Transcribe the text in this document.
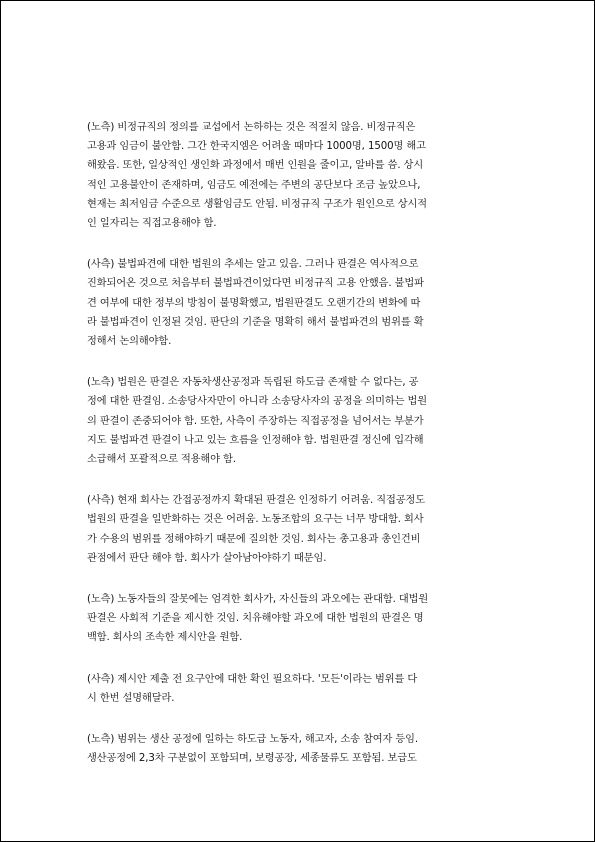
(노측) 비정규직의 정의를 교섭에서 논하하는 것은 적절치 않음. 비정규직은
고용과 임금이 불안함. 그간 한국지엠은 어려울 때마다 1000명, 1500명 해고
해왔음. 또한, 일상적인 생인화 과정에서 매번 인원을 줄이고, 알바를 씀. 상시
적인 고용불안이 존재하며, 임금도 예전에는 주변의 공단보다 조금 높았으나,
현재는 최저임금 수준으로 생활임금도 안됨. 비정규직 구조가 원인으로 상시적
인 일자리는 직접고용해야 함.

(사측) 불법파견에 대한 법원의 추세는 알고 있음. 그러나 판결은 역사적으로
진화되어온 것으로 처음부터 불법파견이었다면 비정규직 고용 안했음. 불법파
견 여부에 대한 정부의 방침이 불명확했고, 법원판결도 오랜기간의 변화에 따
라 불법파견이 인정된 것임. 판단의 기준을 명확히 해서 불법파견의 범위를 확
정해서 논의해야함.

(노측) 법원은 판결은 자동차생산공정과 독립된 하도급 존재할 수 없다는, 공
정에 대한 판결임. 소송당사자만이 아니라 소송당사자의 공정을 의미하는 법원
의 판결이 존중되어야 함. 또한, 사측이 주장하는 직접공정을 넘어서는 부분가
지도 불법파견 판결이 나고 있는 흐름을 인정해야 함. 법원판결 정신에 입각해
소급해서 포괄적으로 적용해야 함.

(사측) 현재 회사는 간접공정까지 확대된 판결은 인정하기 어려움. 직접공정도
법원의 판결을 일반화하는 것은 어려움. 노동조합의 요구는 너무 방대함. 회사
가 수용의 범위를 정해야하기 때문에 질의한 것임. 회사는 총고용과 총인건비
관점에서 판단 해야 함. 회사가 살아남아야하기 때문임.

(노측) 노동자들의 잘못에는 엄격한 회사가, 자신들의 과오에는 관대함. 대법원
판결은 사회적 기준을 제시한 것임. 치유해야할 과오에 대한 법원의 판결은 명
백함. 회사의 조속한 제시안을 원함.

(사측) 제시안 제출 전 요구안에 대한 확인 필요하다. '모든'이라는 범위를 다
시 한번 설명해달라.

(노측) 범위는 생산 공정에 일하는 하도급 노동자, 해고자, 소송 참여자 등임.
생산공정에 2,3차 구분없이 포함되며, 보령공장, 세종물류도 포함됨. 보급도
